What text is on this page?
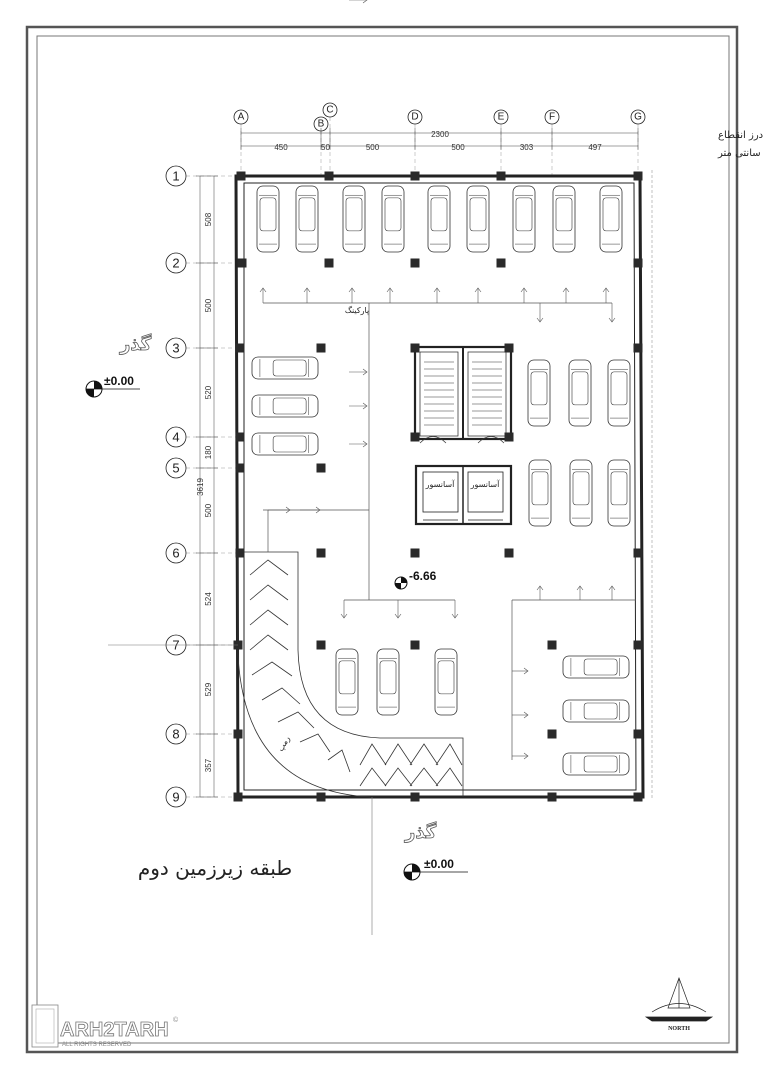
رمپ
آسانسور آسانسور
A
B
C
D	E	F	G
1
2
3
4
5
6
7
8
9
450	50	500	500	303	497
508
500
520
180
500
524
529
357
2300
3619
درز انقطاع
سانتی متر
پارکینگ
گذر
گذر
±0.00
-6.66
±0.00
طبقه زیرزمین دوم
NORTH
ARH2TARH
ALL RIGHTS RESERVED
©
